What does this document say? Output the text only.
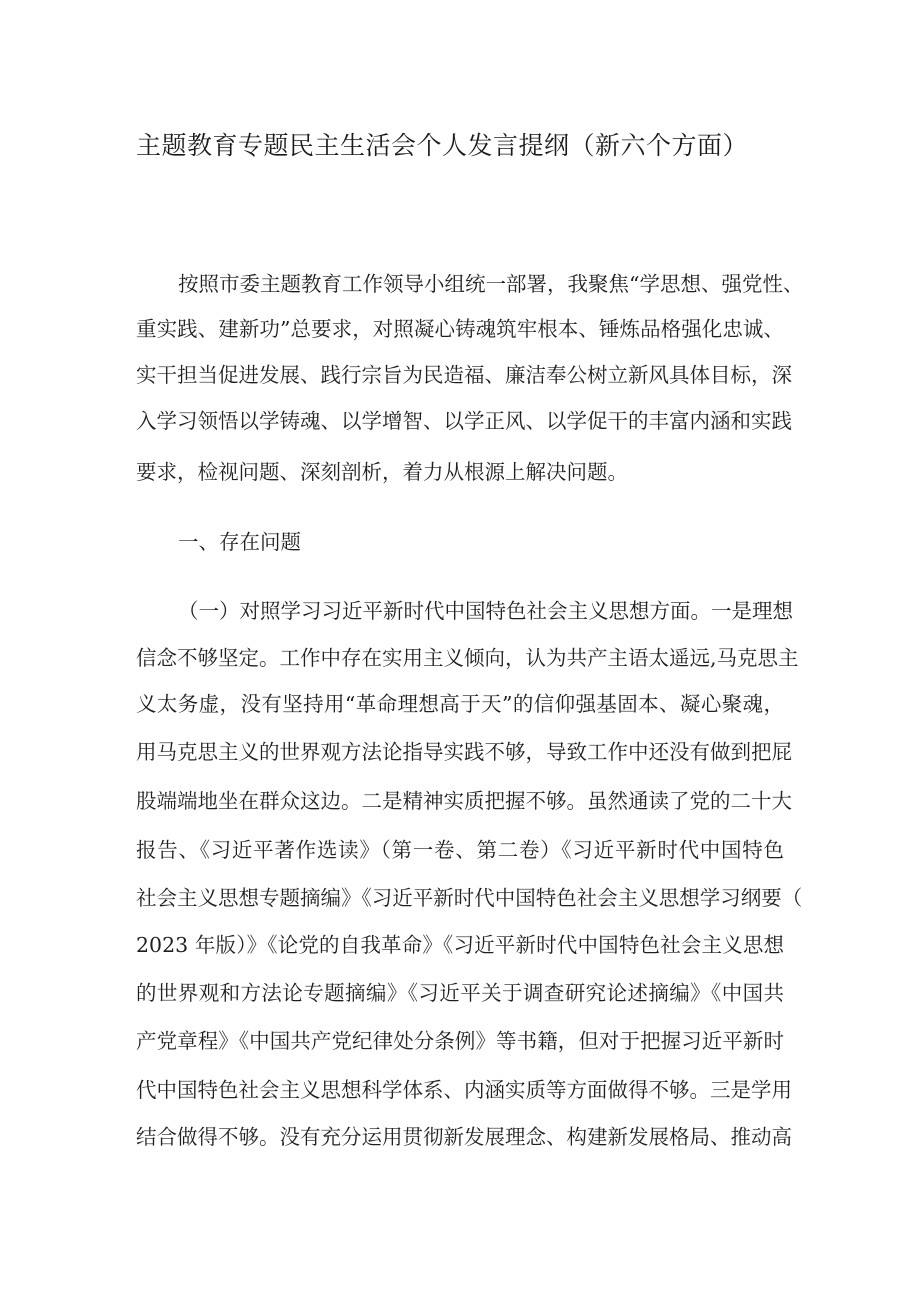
主题教育专题民主生活会个人发言提纲（新六个方面）
按照市委主题教育工作领导小组统一部署，我聚焦“学思想、强党性、
重实践、建新功”总要求，对照凝心铸魂筑牢根本、锤炼品格强化忠诚、
实干担当促进发展、践行宗旨为民造福、廉洁奉公树立新风具体目标，深
入学习领悟以学铸魂、以学增智、以学正风、以学促干的丰富内涵和实践
要求，检视问题、深刻剖析，着力从根源上解决问题。
一、存在问题
（一）对照学习习近平新时代中国特色社会主义思想方面。一是理想
信念不够坚定。工作中存在实用主义倾向，认为共产主语太遥远,马克思主
义太务虚，没有坚持用“革命理想高于天”的信仰强基固本、凝心聚魂，
用马克思主义的世界观方法论指导实践不够，导致工作中还没有做到把屁
股端端地坐在群众这边。二是精神实质把握不够。虽然通读了党的二十大
报告、《习近平著作选读》（第一卷、第二卷）《习近平新时代中国特色
社会主义思想专题摘编》《习近平新时代中国特色社会主义思想学习纲要（
2023 年版）》《论党的自我革命》《习近平新时代中国特色社会主义思想
的世界观和方法论专题摘编》《习近平关于调查研究论述摘编》《中国共
产党章程》《中国共产党纪律处分条例》等书籍，但对于把握习近平新时
代中国特色社会主义思想科学体系、内涵实质等方面做得不够。三是学用
结合做得不够。没有充分运用贯彻新发展理念、构建新发展格局、推动高
